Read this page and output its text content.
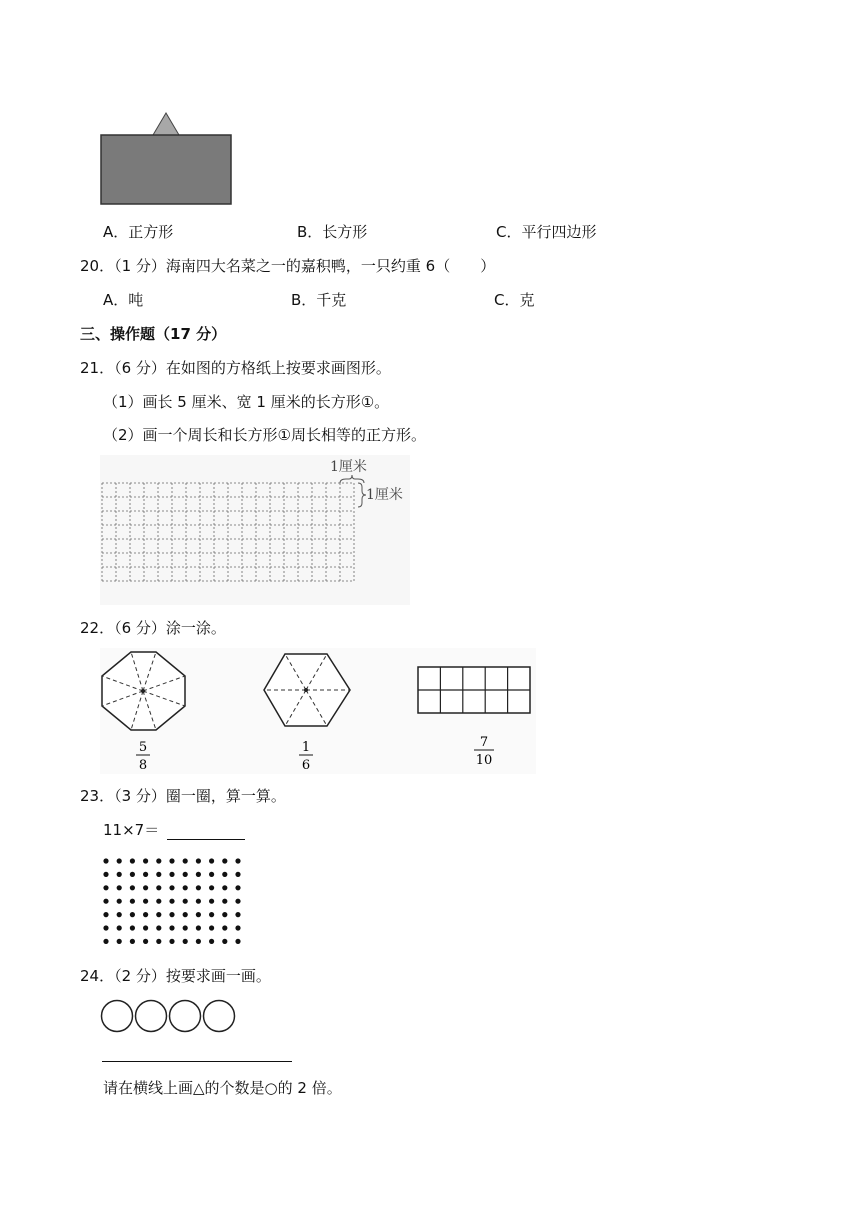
A．正方形	B．长方形	C．平行四边形
20．（1 分）海南四大名菜之一的嘉积鸭，一只约重 6（　　）
A．吨	B．千克	C．克
三、操作题（17 分）
21．（6 分）在如图的方格纸上按要求画图形。
（1）画长 5 厘米、宽 1 厘米的长方形①。
（2）画一个周长和长方形①周长相等的正方形。
1厘米
1厘米
22．（6 分）涂一涂。
5
8
1
6
7
10
23．（3 分）圈一圈，算一算。
11×7＝
24．（2 分）按要求画一画。
请在横线上画△的个数是○的 2 倍。
